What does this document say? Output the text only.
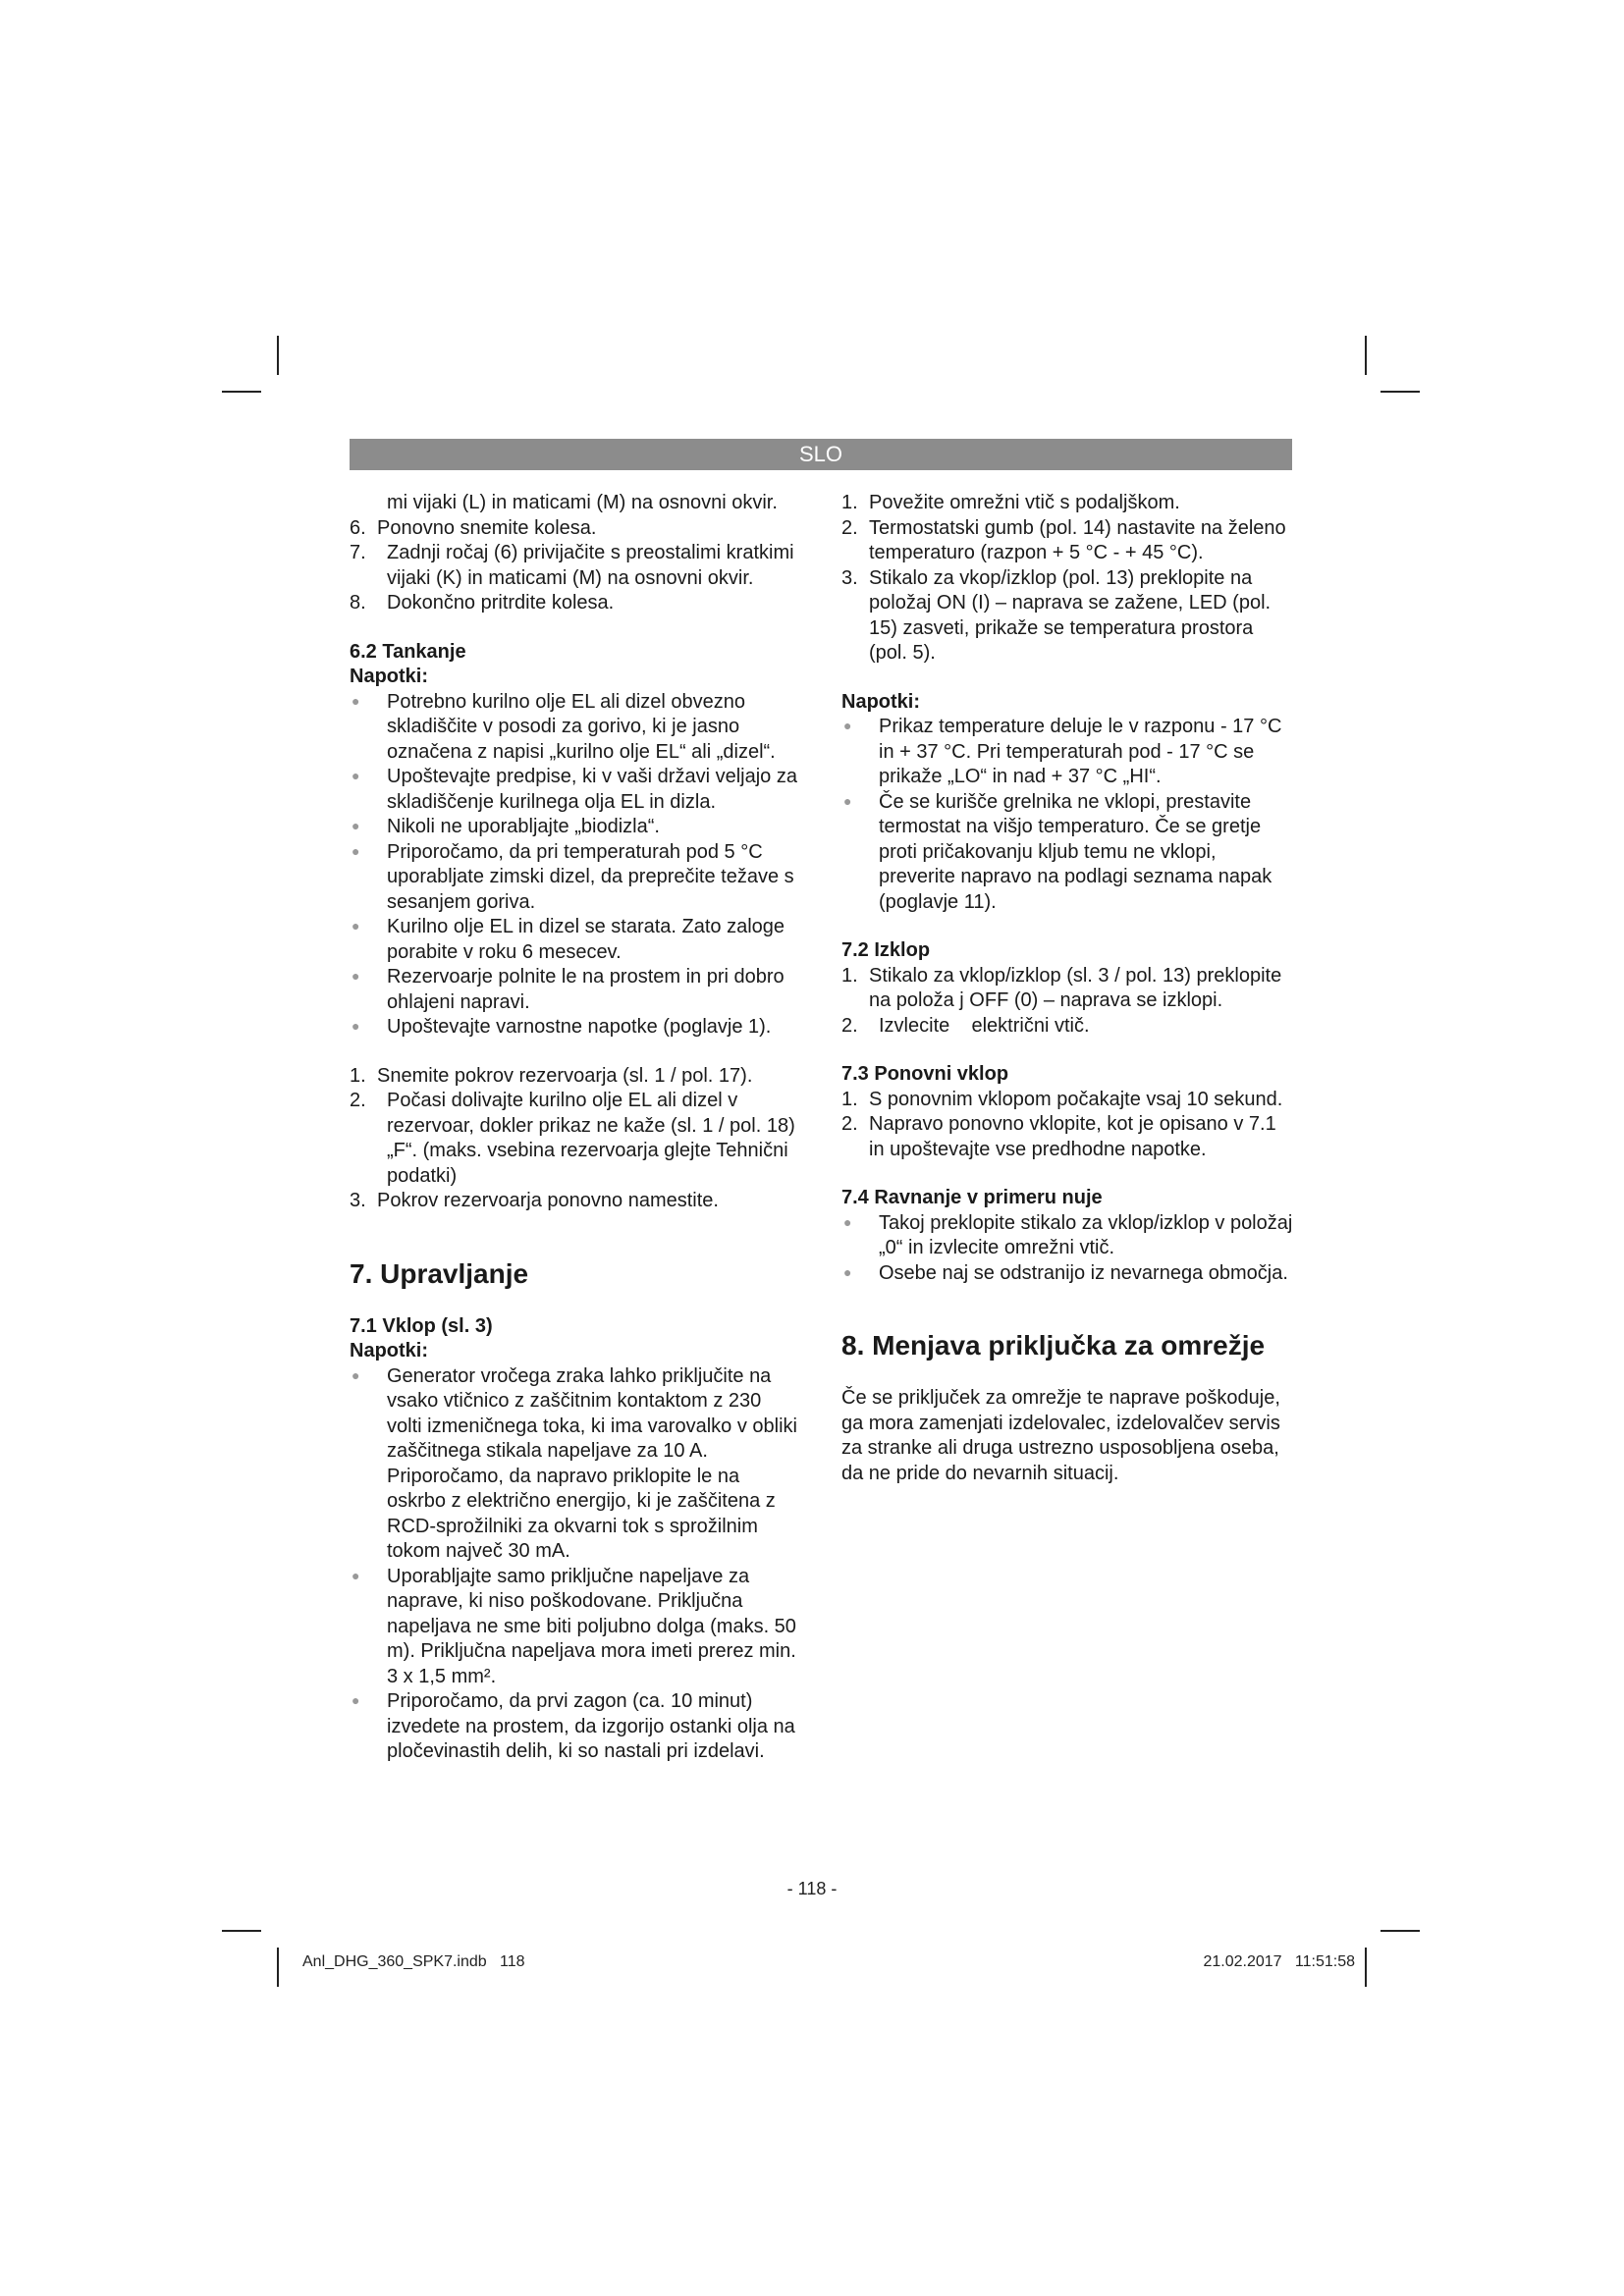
SLO

mi vijaki (L) in maticami (M) na osnovni okvir.

6. Ponovno snemite kolesa.
7. Zadnji ročaj (6) privijačite s preostalimi kratkimi vijaki (K) in maticami (M) na osnovni okvir.
8. Dokončno pritrdite kolesa.
6.2 Tankanje
Napotki:
● Potrebno kurilno olje EL ali dizel obvezno skladiščite v posodi za gorivo, ki je jasno označena z napisi „kurilno olje EL“ ali „dizel“.
● Upoštevajte predpise, ki v vaši državi veljajo za skladiščenje kurilnega olja EL in dizla.
● Nikoli ne uporabljajte „biodizla“.
● Priporočamo, da pri temperaturah pod 5 °C uporabljate zimski dizel, da preprečite težave s sesanjem goriva.
● Kurilno olje EL in dizel se starata. Zato zaloge porabite v roku 6 mesecev.
● Rezervoarje polnite le na prostem in pri dobro ohlajeni napravi.
● Upoštevajte varnostne napotke (poglavje 1).
1. Snemite pokrov rezervoarja (sl. 1 / pol. 17).
2. Počasi dolivajte kurilno olje EL ali dizel v rezervoar, dokler prikaz ne kaže (sl. 1 / pol. 18) „F“. (maks. vsebina rezervoarja glejte Tehnični podatki)
3. Pokrov rezervoarja ponovno namestite.
7. Upravljanje
7.1 Vklop (sl. 3)
Napotki:
● Generator vročega zraka lahko priključite na vsako vtičnico z zaščitnim kontaktom z 230 volti izmeničnega toka, ki ima varovalko v obliki zaščitnega stikala napeljave za 10 A. Priporočamo, da napravo priklopite le na oskrbo z električno energijo, ki je zaščitena z RCD-sprožilniki za okvarni tok s sprožilnim tokom največ 30 mA.
● Uporabljajte samo priključne napeljave za naprave, ki niso poškodovane. Priključna napeljava ne sme biti poljubno dolga (maks. 50 m). Priključna napeljava mora imeti prerez min. 3 x 1,5 mm².
● Priporočamo, da prvi zagon (ca. 10 minut) izvedete na prostem, da izgorijo ostanki olja na pločevinastih delih, ki so nastali pri izdelavi.
1. Povežite omrežni vtič s podaljškom.
2. Termostatski gumb (pol. 14) nastavite na želeno temperaturo (razpon + 5 °C - + 45 °C).
3. Stikalo za vkop/izklop (pol. 13) preklopite na položaj ON (I) – naprava se zažene, LED (pol. 15) zasveti, prikaže se temperatura prostora (pol. 5).
Napotki:
● Prikaz temperature deluje le v razponu - 17 °C in + 37 °C. Pri temperaturah pod - 17 °C se prikaže „LO“ in nad + 37 °C „HI“.
● Če se kurišče grelnika ne vklopi, prestavite termostat na višjo temperaturo. Če se gretje proti pričakovanju kljub temu ne vklopi, preverite napravo na podlagi seznama napak (poglavje 11).
7.2 Izklop
1. Stikalo za vklop/izklop (sl. 3 / pol. 13) preklopite na položa j OFF (0) – naprava se izklopi.
2. Izvlecite    električni vtič.
7.3 Ponovni vklop
1. S ponovnim vklopom počakajte vsaj 10 sekund.
2. Napravo ponovno vklopite, kot je opisano v 7.1 in upoštevajte vse predhodne napotke.
7.4 Ravnanje v primeru nuje
● Takoj preklopite stikalo za vklop/izklop v položaj „0“ in izvlecite omrežni vtič.
● Osebe naj se odstranijo iz nevarnega območja.
8. Menjava priključka za omrežje

Če se priključek za omrežje te naprave poškoduje, ga mora zamenjati izdelovalec, izdelovalčev servis za stranke ali druga ustrezno usposobljena oseba, da ne pride do nevarnih situacij.

- 118 -
Anl_DHG_360_SPK7.indb   118	21.02.2017   11:51:58
